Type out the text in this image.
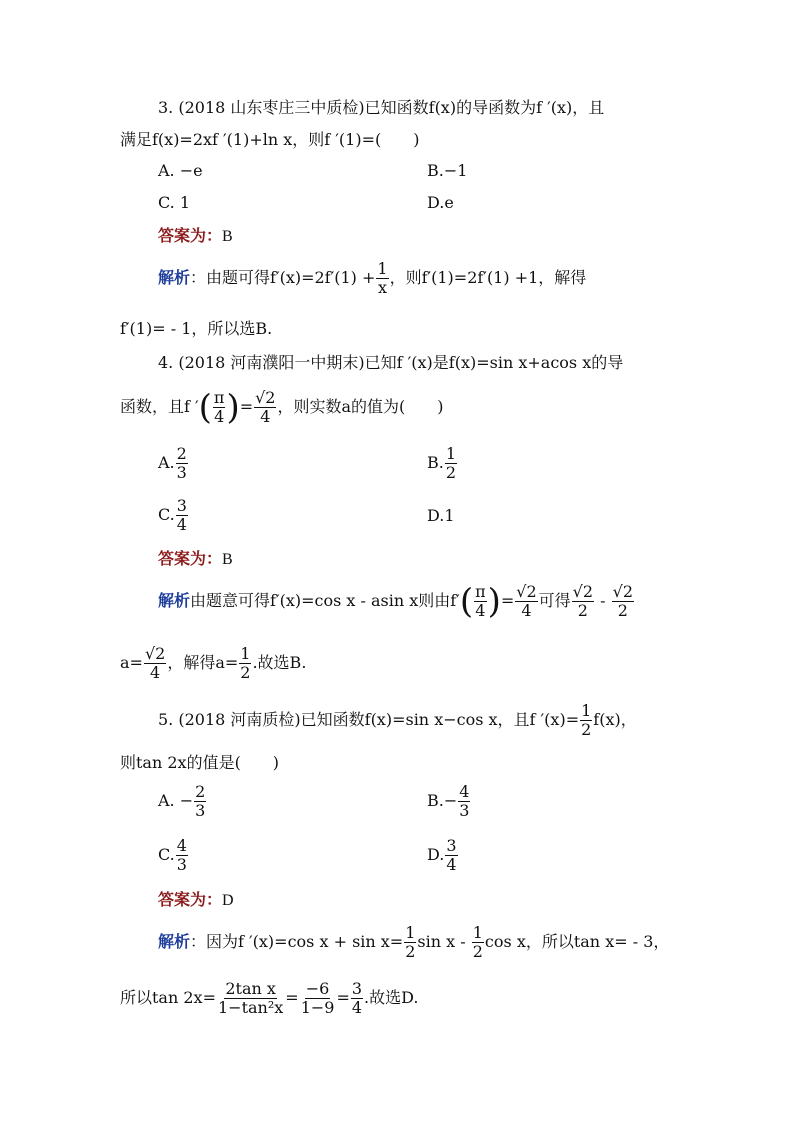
3. (2018 山东枣庄三中质检)已知函数f(x)的导函数为f ′(x)，且
满足f(x)=2xf ′(1)+ln x，则f ′(1)=(　　)
A. −e	B.−1
C. 1	D.e
答案为：B
解析：由题可得$f'(x)=2f'(1) + \frac{1}{x}$ ，则f′(1)=2f′(1) +1，解得
f′(1)= - 1，所以选B.
4. (2018 河南濮阳一中期末)已知f ′(x)是f(x)=sin x+acos x的导
函数，且f ′( $\frac{\pi}{4}$ )= $\frac{√2}{4}$ ，则实数a的值为(　　)
A. $\frac{2}{3}$	B. $\frac{1}{2}$
C. $\frac{3}{4}$	D.1
答案为：B
解析由题意可得f′(x)=cos x - asin x则由$f'( \frac{\pi}{4}$ )= $\frac{√2}{4}$ 可得 $\frac{√2}{2} - \frac{√2}{2}$
$a= \frac{√2}{4}$ ，解得$a= \frac{1}{2}$ .故选B.
5. (2018 河南质检)已知函数f(x)=sin x−cos x，且f $'(x)= \frac{1}{2} f(x)$，
则tan 2x的值是(　　)
A. − $\frac{2}{3}$	$B.- \frac{4}{3}$
C. $\frac{4}{3}$	D. $\frac{3}{4}$
答案为：D
解析：因为f ′(x)=cos $x + \sin x= \frac{1}{2}$ sin x - $\frac{1}{2}$ cos x，所以tan x= - 3，
所以$\tan 2x= \frac{\text{2tan x}}{\text{1−tan²x}} = \frac{-6}{1-9} = \frac{3}{4}$ .故选D.
